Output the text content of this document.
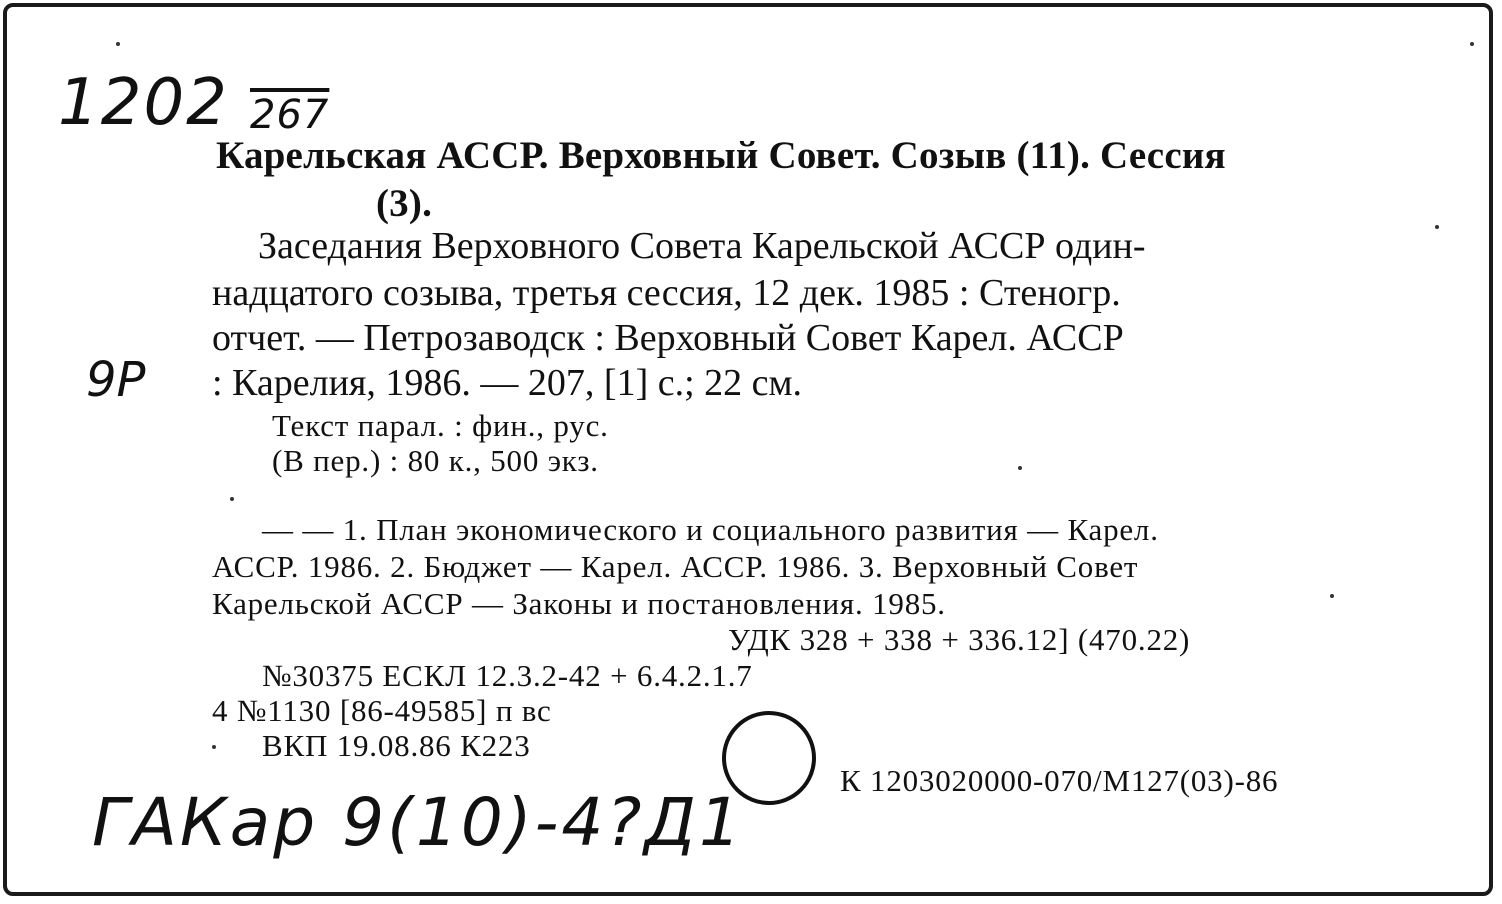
1202 267
9P
ГАКар 9(10)-4?Д1
Карельская АССР. Верховный Совет. Созыв (11). Сессия
(3).
Заседания Верховного Совета Карельской АССР один-
надцатого созыва, третья сессия, 12 дек. 1985 : Стеногр.
отчет. — Петрозаводск : Верховный Совет Карел. АССР
: Карелия, 1986. — 207, [1] с.; 22 см.
Текст парал. : фин., рус.
(В пер.) : 80 к., 500 экз.
— — 1. План экономического и социального развития — Карел.
АССР. 1986. 2. Бюджет — Карел. АССР. 1986. 3. Верховный Совет
Карельской АССР — Законы и постановления. 1985.
УДК 328 + 338 + 336.12] (470.22)
№30375 ЕСКЛ 12.3.2-42 + 6.4.2.1.7
4 №1130 [86-49585] п вс
ВКП 19.08.86 К223
К 1203020000-070/М127(03)-86
